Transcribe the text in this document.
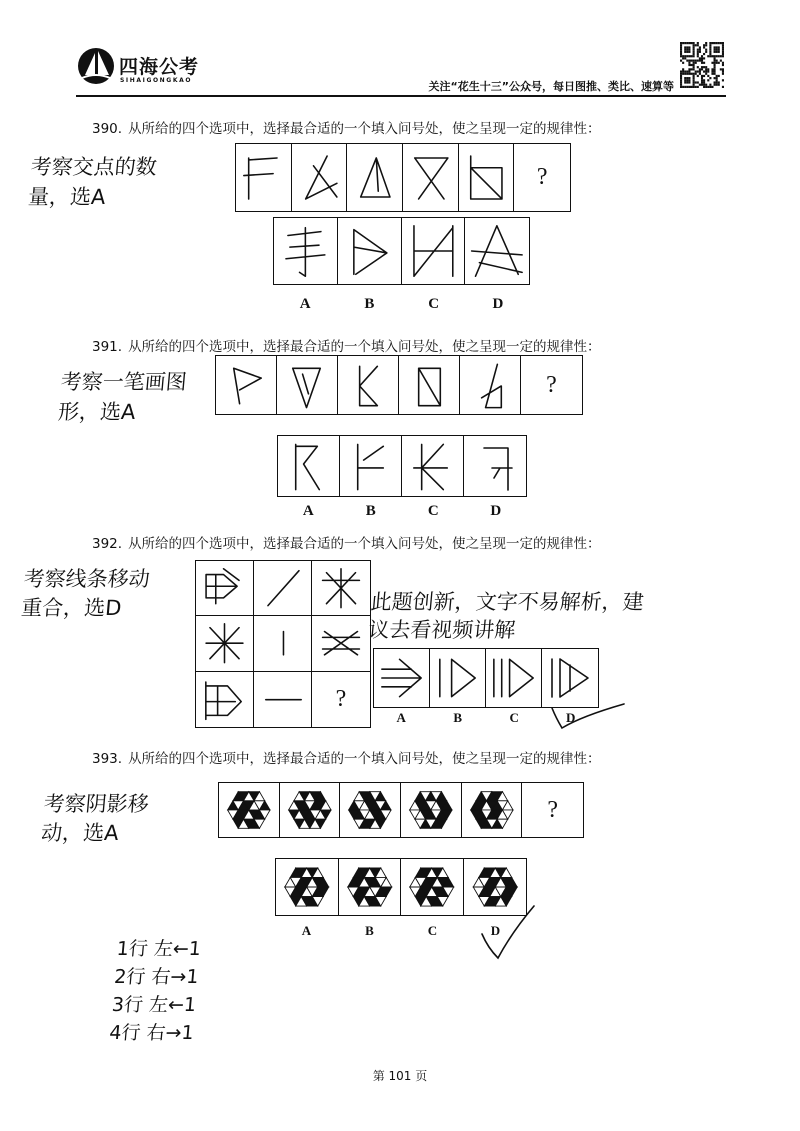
四海公考
SIHAIGONGKAO	关注“花生十三”公众号，每日图推、类比、速算等
390. 从所给的四个选项中，选择最合适的一个填入问号处，使之呈现一定的规律性：
考察交点的数
量，选A
?
A	B	C	D
391. 从所给的四个选项中，选择最合适的一个填入问号处，使之呈现一定的规律性：
考察一笔画图
形，选A
?
A	B	C	D
392. 从所给的四个选项中，选择最合适的一个填入问号处，使之呈现一定的规律性：
考察线条移动
重合，选D
?
此题创新，文字不易解析，建
议去看视频讲解
A	B	C	D
393. 从所给的四个选项中，选择最合适的一个填入问号处，使之呈现一定的规律性：
考察阴影移
动，选A
?
A	B	C	D
1行 左←1
2行 右→1
3行 左←1
4行 右→1
第 101 页
